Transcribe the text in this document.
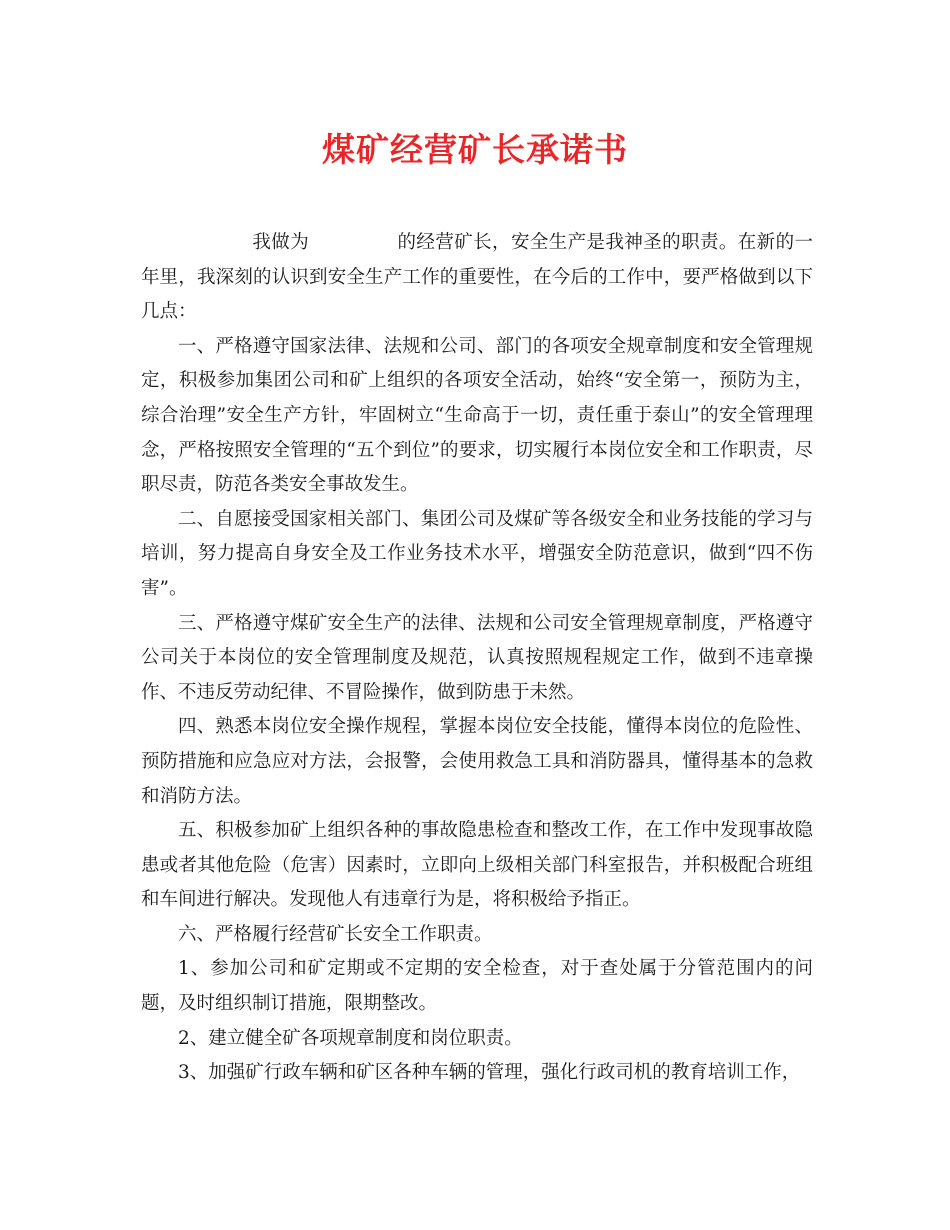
煤矿经营矿长承诺书

我做为	的经营矿长，安全生产是我神圣的职责。在新的一年里，我深刻的认识到安全生产工作的重要性，在今后的工作中，要严格做到以下几点：

一、严格遵守国家法律、法规和公司、部门的各项安全规章制度和安全管理规定，积极参加集团公司和矿上组织的各项安全活动，始终“安全第一，预防为主，综合治理”安全生产方针，牢固树立“生命高于一切，责任重于泰山”的安全管理理念，严格按照安全管理的“五个到位”的要求，切实履行本岗位安全和工作职责，尽职尽责，防范各类安全事故发生。

二、自愿接受国家相关部门、集团公司及煤矿等各级安全和业务技能的学习与培训，努力提高自身安全及工作业务技术水平，增强安全防范意识，做到“四不伤害”。

三、严格遵守煤矿安全生产的法律、法规和公司安全管理规章制度，严格遵守公司关于本岗位的安全管理制度及规范，认真按照规程规定工作，做到不违章操作、不违反劳动纪律、不冒险操作，做到防患于未然。

四、熟悉本岗位安全操作规程，掌握本岗位安全技能，懂得本岗位的危险性、预防措施和应急应对方法，会报警，会使用救急工具和消防器具，懂得基本的急救和消防方法。

五、积极参加矿上组织各种的事故隐患检查和整改工作，在工作中发现事故隐患或者其他危险（危害）因素时，立即向上级相关部门科室报告，并积极配合班组和车间进行解决。发现他人有违章行为是，将积极给予指正。

六、严格履行经营矿长安全工作职责。

1、参加公司和矿定期或不定期的安全检查，对于查处属于分管范围内的问题，及时组织制订措施，限期整改。

2、建立健全矿各项规章制度和岗位职责。

3、加强矿行政车辆和矿区各种车辆的管理，强化行政司机的教育培训工作，
